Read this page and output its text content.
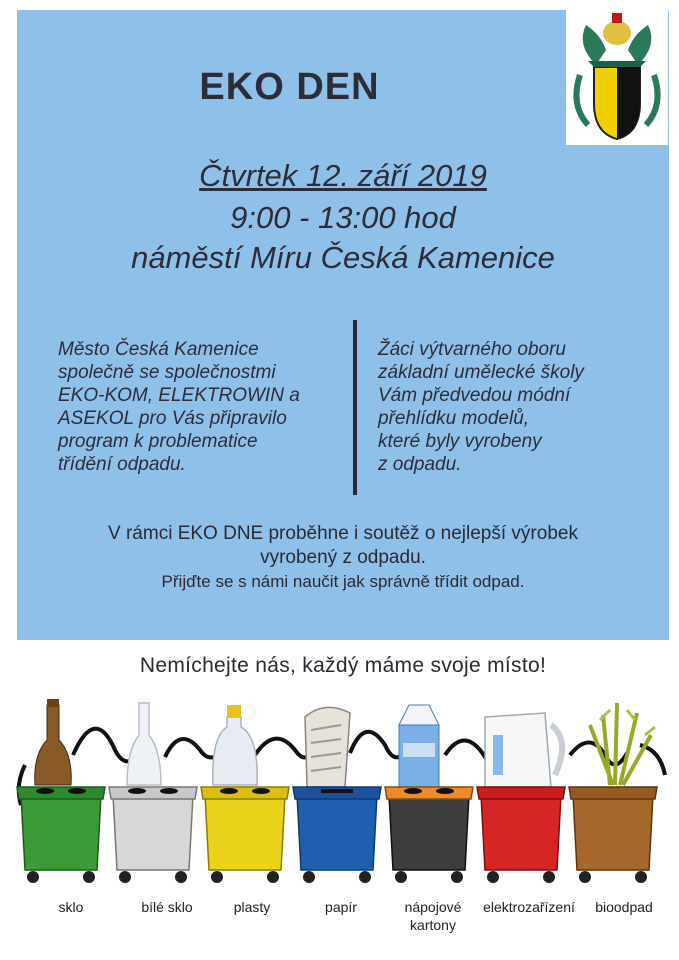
EKO DEN
Čtvrtek 12. září 2019
9:00 - 13:00 hod
náměstí Míru Česká Kamenice
Město Česká Kamenice
společně se společnostmi
EKO-KOM, ELEKTROWIN a
ASEKOL pro Vás připravilo
program k problematice
třídění odpadu.
Žáci výtvarného oboru
základní umělecké školy
Vám předvedou módní
přehlídku modelů,
které byly vyrobeny
z odpadu.
V rámci EKO DNE proběhne i soutěž o nejlepší výrobek
vyrobený z odpadu.
Přijďte se s námi naučit jak správně třídit odpad.
Nemíchejte nás, každý máme svoje místo!
sklo	bílé sklo	plasty	papír	nápojové
kartony
elektrozařízení	bioodpad
